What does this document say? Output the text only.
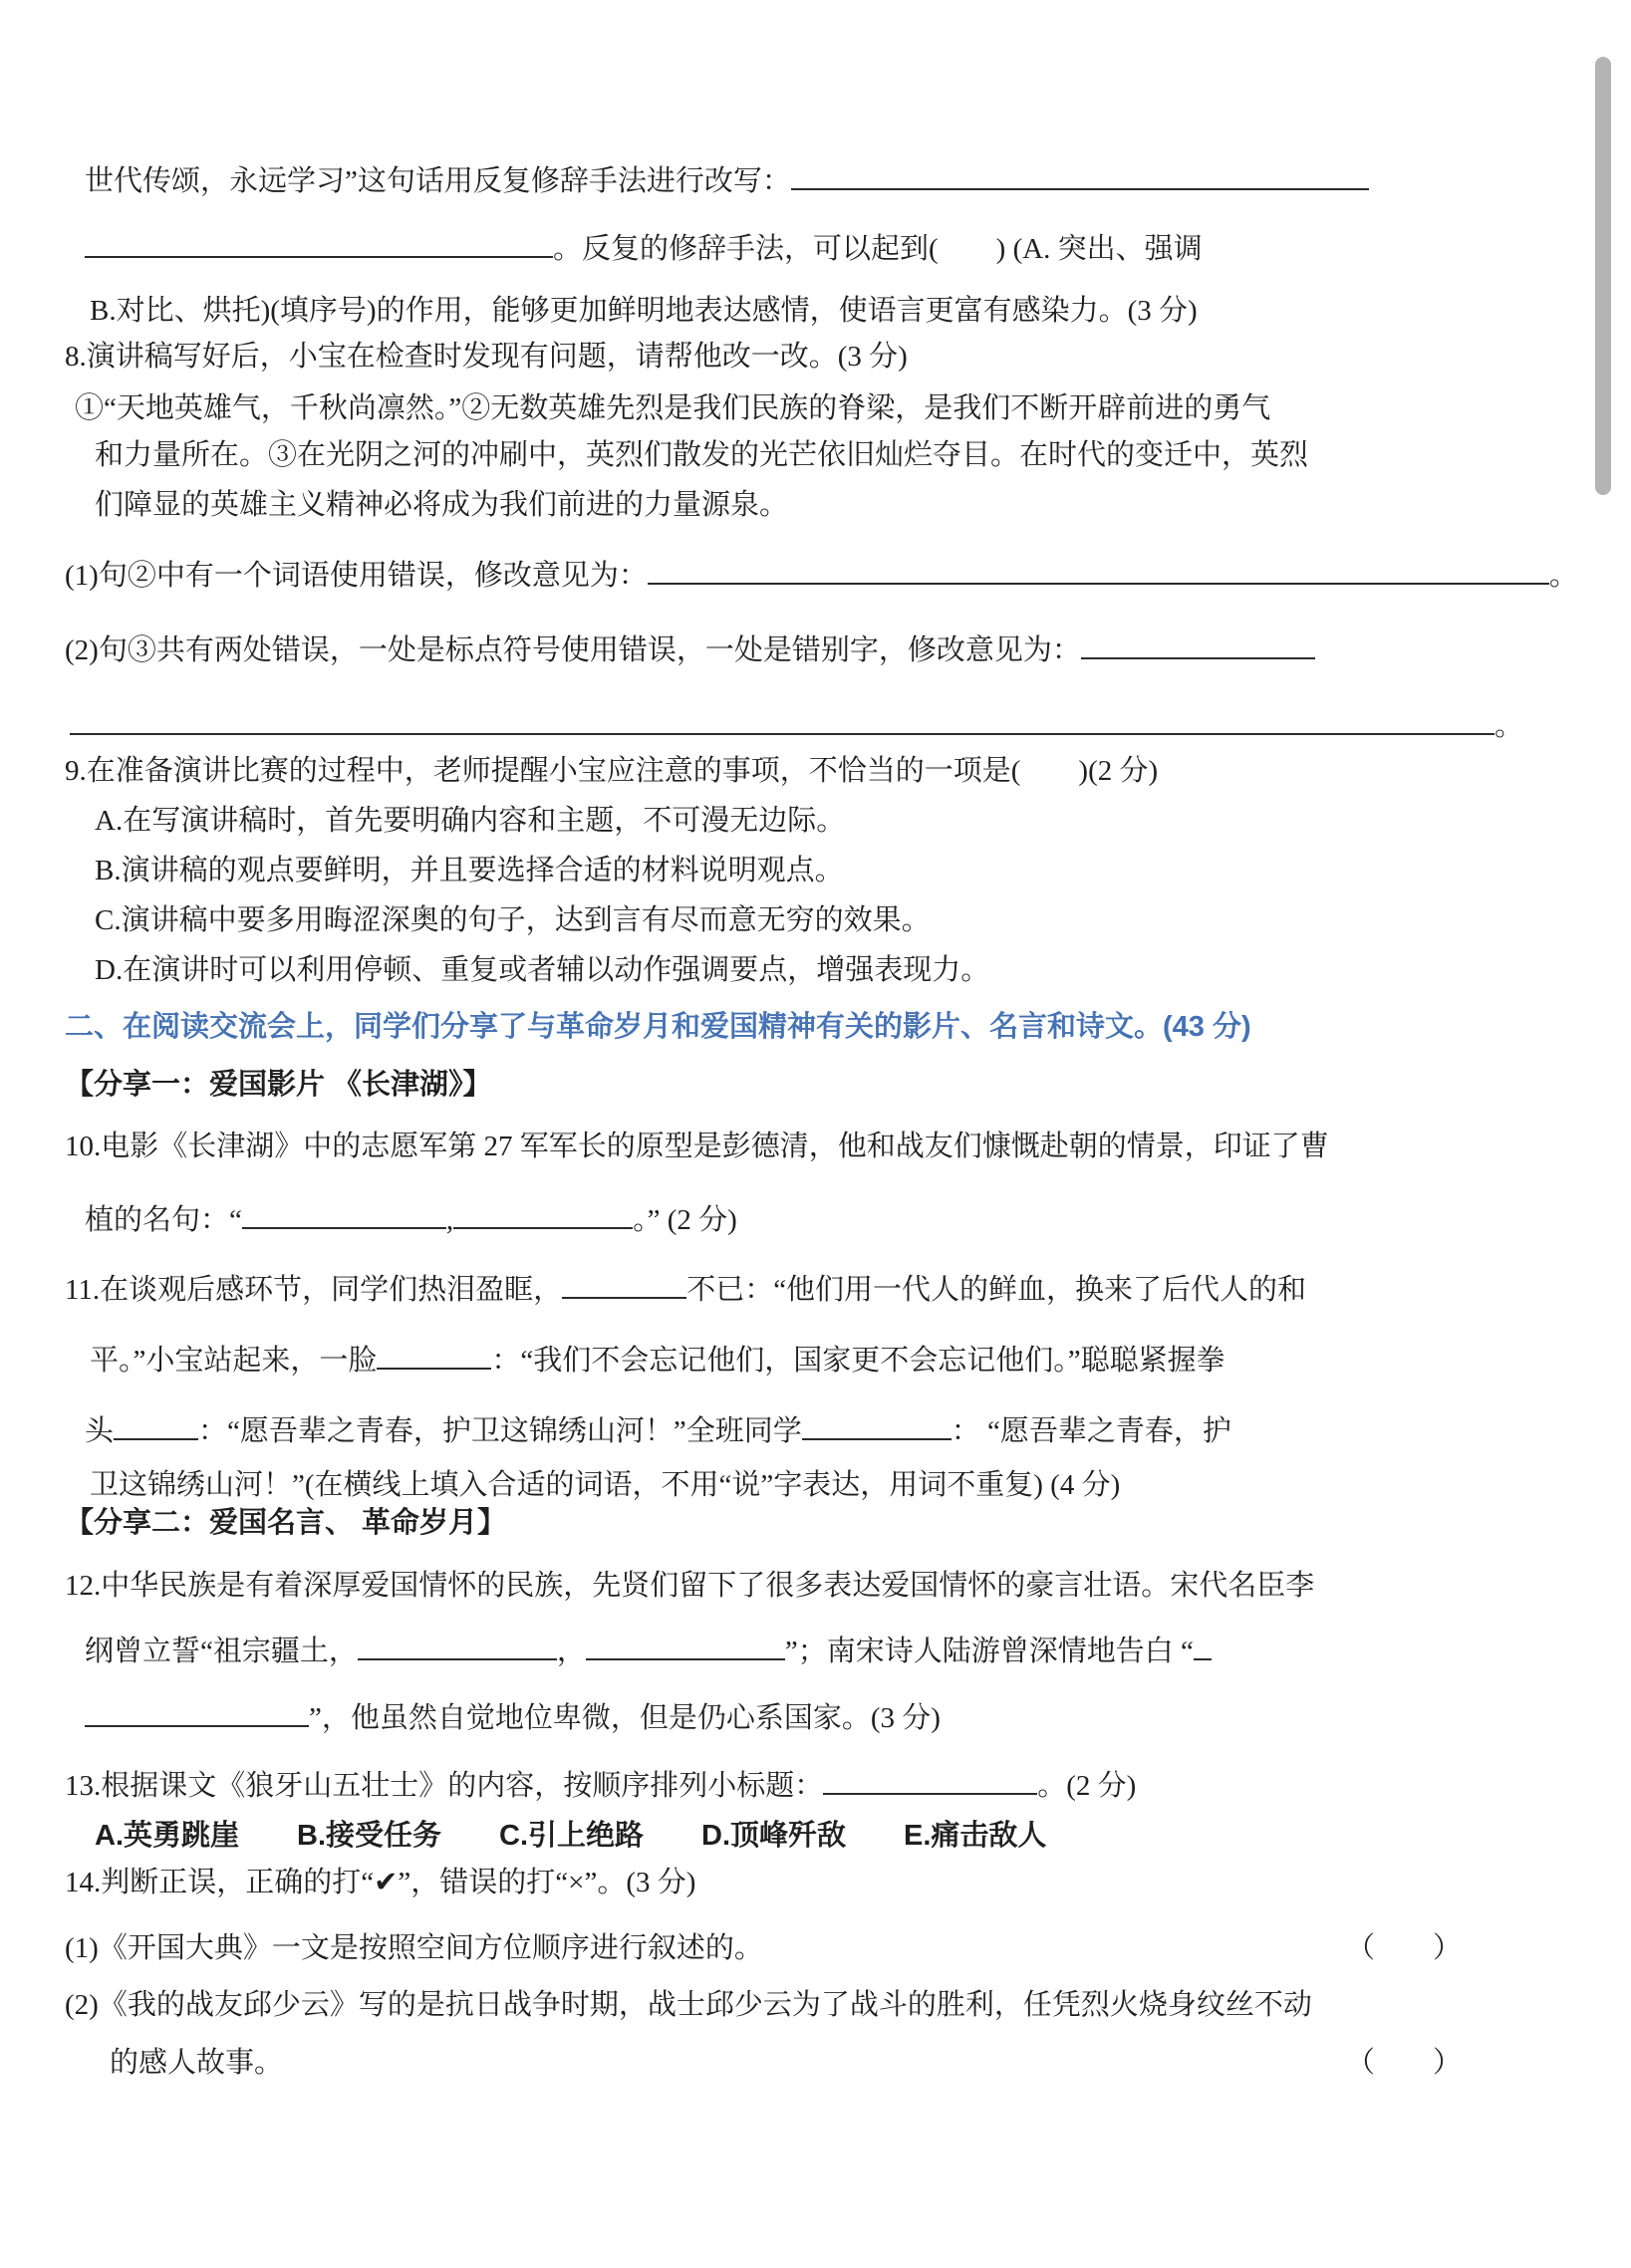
世代传颂，永远学习”这句话用反复修辞手法进行改写：

。反复的修辞手法，可以起到(　　) (A. 突出、强调

B.对比、烘托)(填序号)的作用，能够更加鲜明地表达感情，使语言更富有感染力。(3 分)

8.演讲稿写好后，小宝在检查时发现有问题，请帮他改一改。(3 分)

①“天地英雄气，千秋尚凛然。”②无数英雄先烈是我们民族的脊梁，是我们不断开辟前进的勇气

和力量所在。③在光阴之河的冲刷中，英烈们散发的光芒依旧灿烂夺目。在时代的变迁中，英烈

们障显的英雄主义精神必将成为我们前进的力量源泉。

(1)句②中有一个词语使用错误，修改意见为：	。

(2)句③共有两处错误，一处是标点符号使用错误，一处是错别字，修改意见为：

。

9.在准备演讲比赛的过程中，老师提醒小宝应注意的事项，不恰当的一项是(　　)(2 分)

A.在写演讲稿时，首先要明确内容和主题，不可漫无边际。

B.演讲稿的观点要鲜明，并且要选择合适的材料说明观点。

C.演讲稿中要多用晦涩深奥的句子，达到言有尽而意无穷的效果。

D.在演讲时可以利用停顿、重复或者辅以动作强调要点，增强表现力。

二、在阅读交流会上，同学们分享了与革命岁月和爱国精神有关的影片、名言和诗文。(43 分)

【分享一：爱国影片 《长津湖》】

10.电影《长津湖》中的志愿军第 27 军军长的原型是彭德清，他和战友们慷慨赴朝的情景，印证了曹

植的名句：“	,	。” (2 分)

11.在谈观后感环节，同学们热泪盈眶，	不已：“他们用一代人的鲜血，换来了后代人的和

平。”小宝站起来，一脸	：“我们不会忘记他们，国家更不会忘记他们。”聪聪紧握拳

头	：“愿吾辈之青春，护卫这锦绣山河！”全班同学	： “愿吾辈之青春，护

卫这锦绣山河！”(在横线上填入合适的词语，不用“说”字表达，用词不重复) (4 分)

【分享二：爱国名言、 革命岁月】

12.中华民族是有着深厚爱国情怀的民族，先贤们留下了很多表达爱国情怀的豪言壮语。宋代名臣李

纲曾立誓“祖宗疆土，	，	”；南宋诗人陆游曾深情地告白 “

”，他虽然自觉地位卑微，但是仍心系国家。(3 分)

13.根据课文《狼牙山五壮士》的内容，按顺序排列小标题：	。(2 分)

A.英勇跳崖　　B.接受任务　　C.引上绝路　　D.顶峰歼敌　　E.痛击敌人

14.判断正误，正确的打“✔”，错误的打“×”。(3 分)

(1)《开国大典》一文是按照空间方位顺序进行叙述的。	（　　）

(2)《我的战友邱少云》写的是抗日战争时期，战士邱少云为了战斗的胜利，任凭烈火烧身纹丝不动

的感人故事。	（　　）
